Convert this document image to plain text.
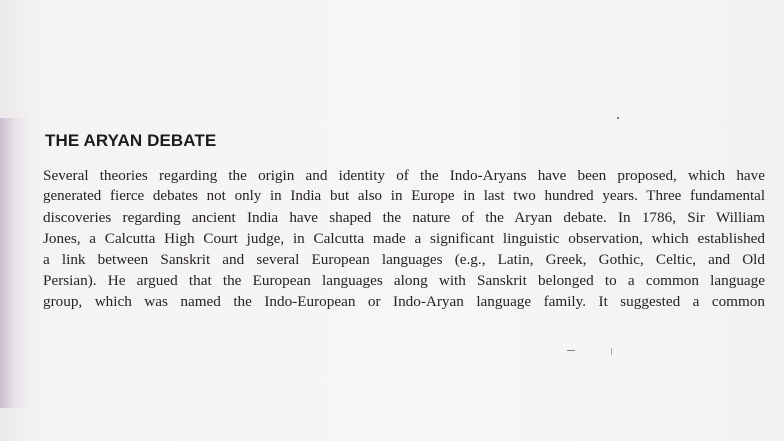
THE ARYAN DEBATE
Several theories regarding the origin and identity of the Indo-Aryans have been proposed, which have
generated fierce debates not only in India but also in Europe in last two hundred years. Three fundamental
discoveries regarding ancient India have shaped the nature of the Aryan debate. In 1786, Sir William
Jones, a Calcutta High Court judge, in Calcutta made a significant linguistic observation, which established
a link between Sanskrit and several European languages (e.g., Latin, Greek, Gothic, Celtic, and Old
Persian). He argued that the European languages along with Sanskrit belonged to a common language
group, which was named the Indo-European or Indo-Aryan language family. It suggested a common
